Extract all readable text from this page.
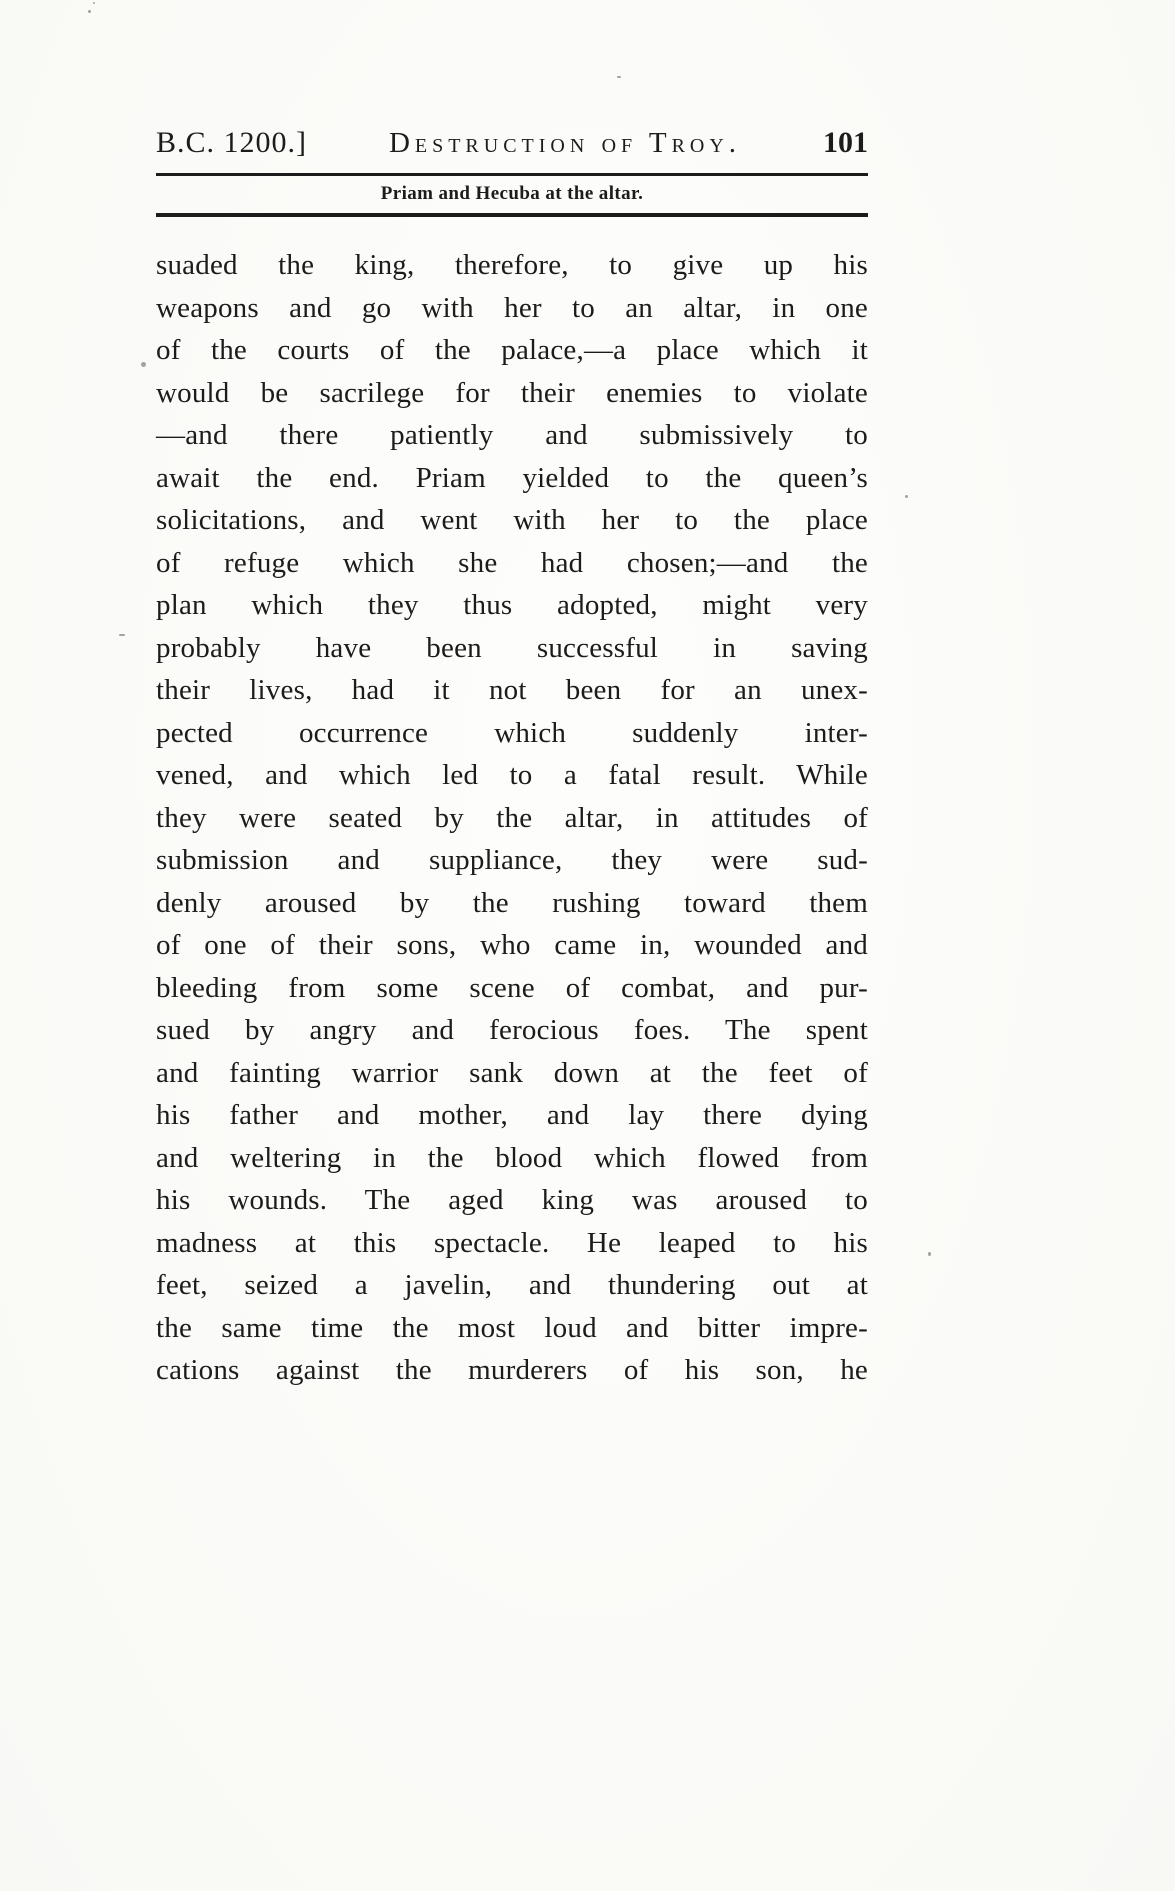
B.C. 1200.]	Destruction of Troy.	101
Priam and Hecuba at the altar.
suaded the king, therefore, to give up his
weapons and go with her to an altar, in one
of the courts of the palace,—a place which it
would be sacrilege for their enemies to violate
—and there patiently and submissively to
await the end. Priam yielded to the queen’s
solicitations, and went with her to the place
of refuge which she had chosen;—and the
plan which they thus adopted, might very
probably have been successful in saving
their lives, had it not been for an unex-
pected occurrence which suddenly inter-
vened, and which led to a fatal result. While
they were seated by the altar, in attitudes of
submission and suppliance, they were sud-
denly aroused by the rushing toward them
of one of their sons, who came in, wounded and
bleeding from some scene of combat, and pur-
sued by angry and ferocious foes. The spent
and fainting warrior sank down at the feet of
his father and mother, and lay there dying
and weltering in the blood which flowed from
his wounds. The aged king was aroused to
madness at this spectacle. He leaped to his
feet, seized a javelin, and thundering out at
the same time the most loud and bitter impre-
cations against the murderers of his son, he
